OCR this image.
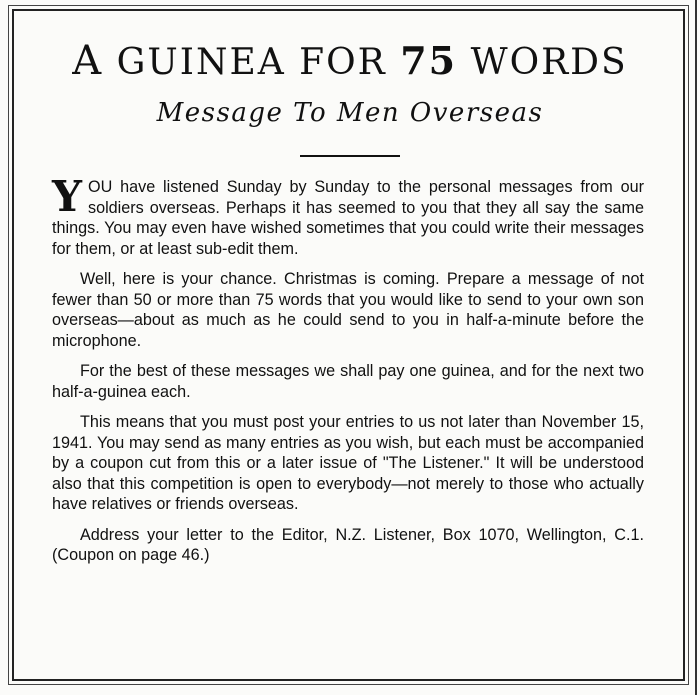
A GUINEA FOR 75 WORDS
Message To Men Overseas

YOU have listened Sunday by Sunday to the personal messages from our soldiers overseas. Perhaps it has seemed to you that they all say the same things. You may even have wished sometimes that you could write their messages for them, or at least sub-edit them.

Well, here is your chance. Christmas is coming. Prepare a message of not fewer than 50 or more than 75 words that you would like to send to your own son overseas—about as much as he could send to you in half-a-minute before the microphone.

For the best of these messages we shall pay one guinea, and for the next two half-a-guinea each.

This means that you must post your entries to us not later than November 15, 1941. You may send as many entries as you wish, but each must be accompanied by a coupon cut from this or a later issue of "The Listener." It will be understood also that this competition is open to everybody—not merely to those who actually have relatives or friends overseas.

Address your letter to the Editor, N.Z. Listener, Box 1070, Wellington, C.1. (Coupon on page 46.)
